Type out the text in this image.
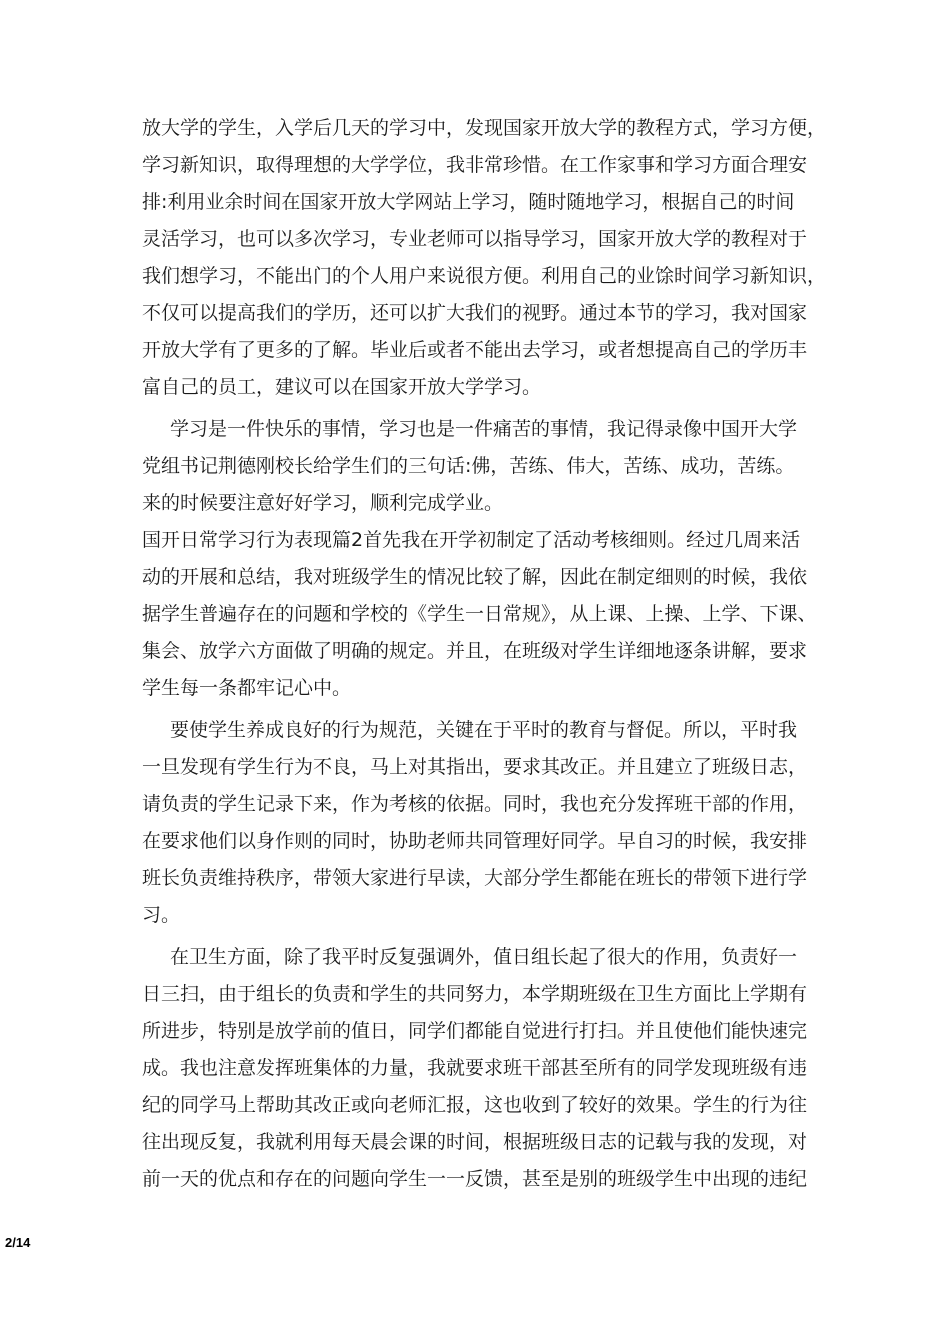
放大学的学生，入学后几天的学习中，发现国家开放大学的教程方式，学习方便，
学习新知识，取得理想的大学学位，我非常珍惜。在工作家事和学习方面合理安
排:利用业余时间在国家开放大学网站上学习，随时随地学习，根据自己的时间
灵活学习，也可以多次学习，专业老师可以指导学习，国家开放大学的教程对于
我们想学习，不能出门的个人用户来说很方便。利用自己的业馀时间学习新知识，
不仅可以提高我们的学历，还可以扩大我们的视野。通过本节的学习，我对国家
开放大学有了更多的了解。毕业后或者不能出去学习，或者想提高自己的学历丰
富自己的员工，建议可以在国家开放大学学习。
学习是一件快乐的事情，学习也是一件痛苦的事情，我记得录像中国开大学
党组书记荆德刚校长给学生们的三句话:佛，苦练、伟大，苦练、成功，苦练。
来的时候要注意好好学习，顺利完成学业。
国开日常学习行为表现篇2首先我在开学初制定了活动考核细则。经过几周来活
动的开展和总结，我对班级学生的情况比较了解，因此在制定细则的时候，我依
据学生普遍存在的问题和学校的《学生一日常规》，从上课、上操、上学、下课、
集会、放学六方面做了明确的规定。并且，在班级对学生详细地逐条讲解，要求
学生每一条都牢记心中。
要使学生养成良好的行为规范，关键在于平时的教育与督促。所以，平时我
一旦发现有学生行为不良，马上对其指出，要求其改正。并且建立了班级日志，
请负责的学生记录下来，作为考核的依据。同时，我也充分发挥班干部的作用，
在要求他们以身作则的同时，协助老师共同管理好同学。早自习的时候，我安排
班长负责维持秩序，带领大家进行早读，大部分学生都能在班长的带领下进行学
习。
在卫生方面，除了我平时反复强调外，值日组长起了很大的作用，负责好一
日三扫，由于组长的负责和学生的共同努力，本学期班级在卫生方面比上学期有
所进步，特别是放学前的值日，同学们都能自觉进行打扫。并且使他们能快速完
成。我也注意发挥班集体的力量，我就要求班干部甚至所有的同学发现班级有违
纪的同学马上帮助其改正或向老师汇报，这也收到了较好的效果。学生的行为往
往出现反复，我就利用每天晨会课的时间，根据班级日志的记载与我的发现，对
前一天的优点和存在的问题向学生一一反馈，甚至是别的班级学生中出现的违纪
2/14
